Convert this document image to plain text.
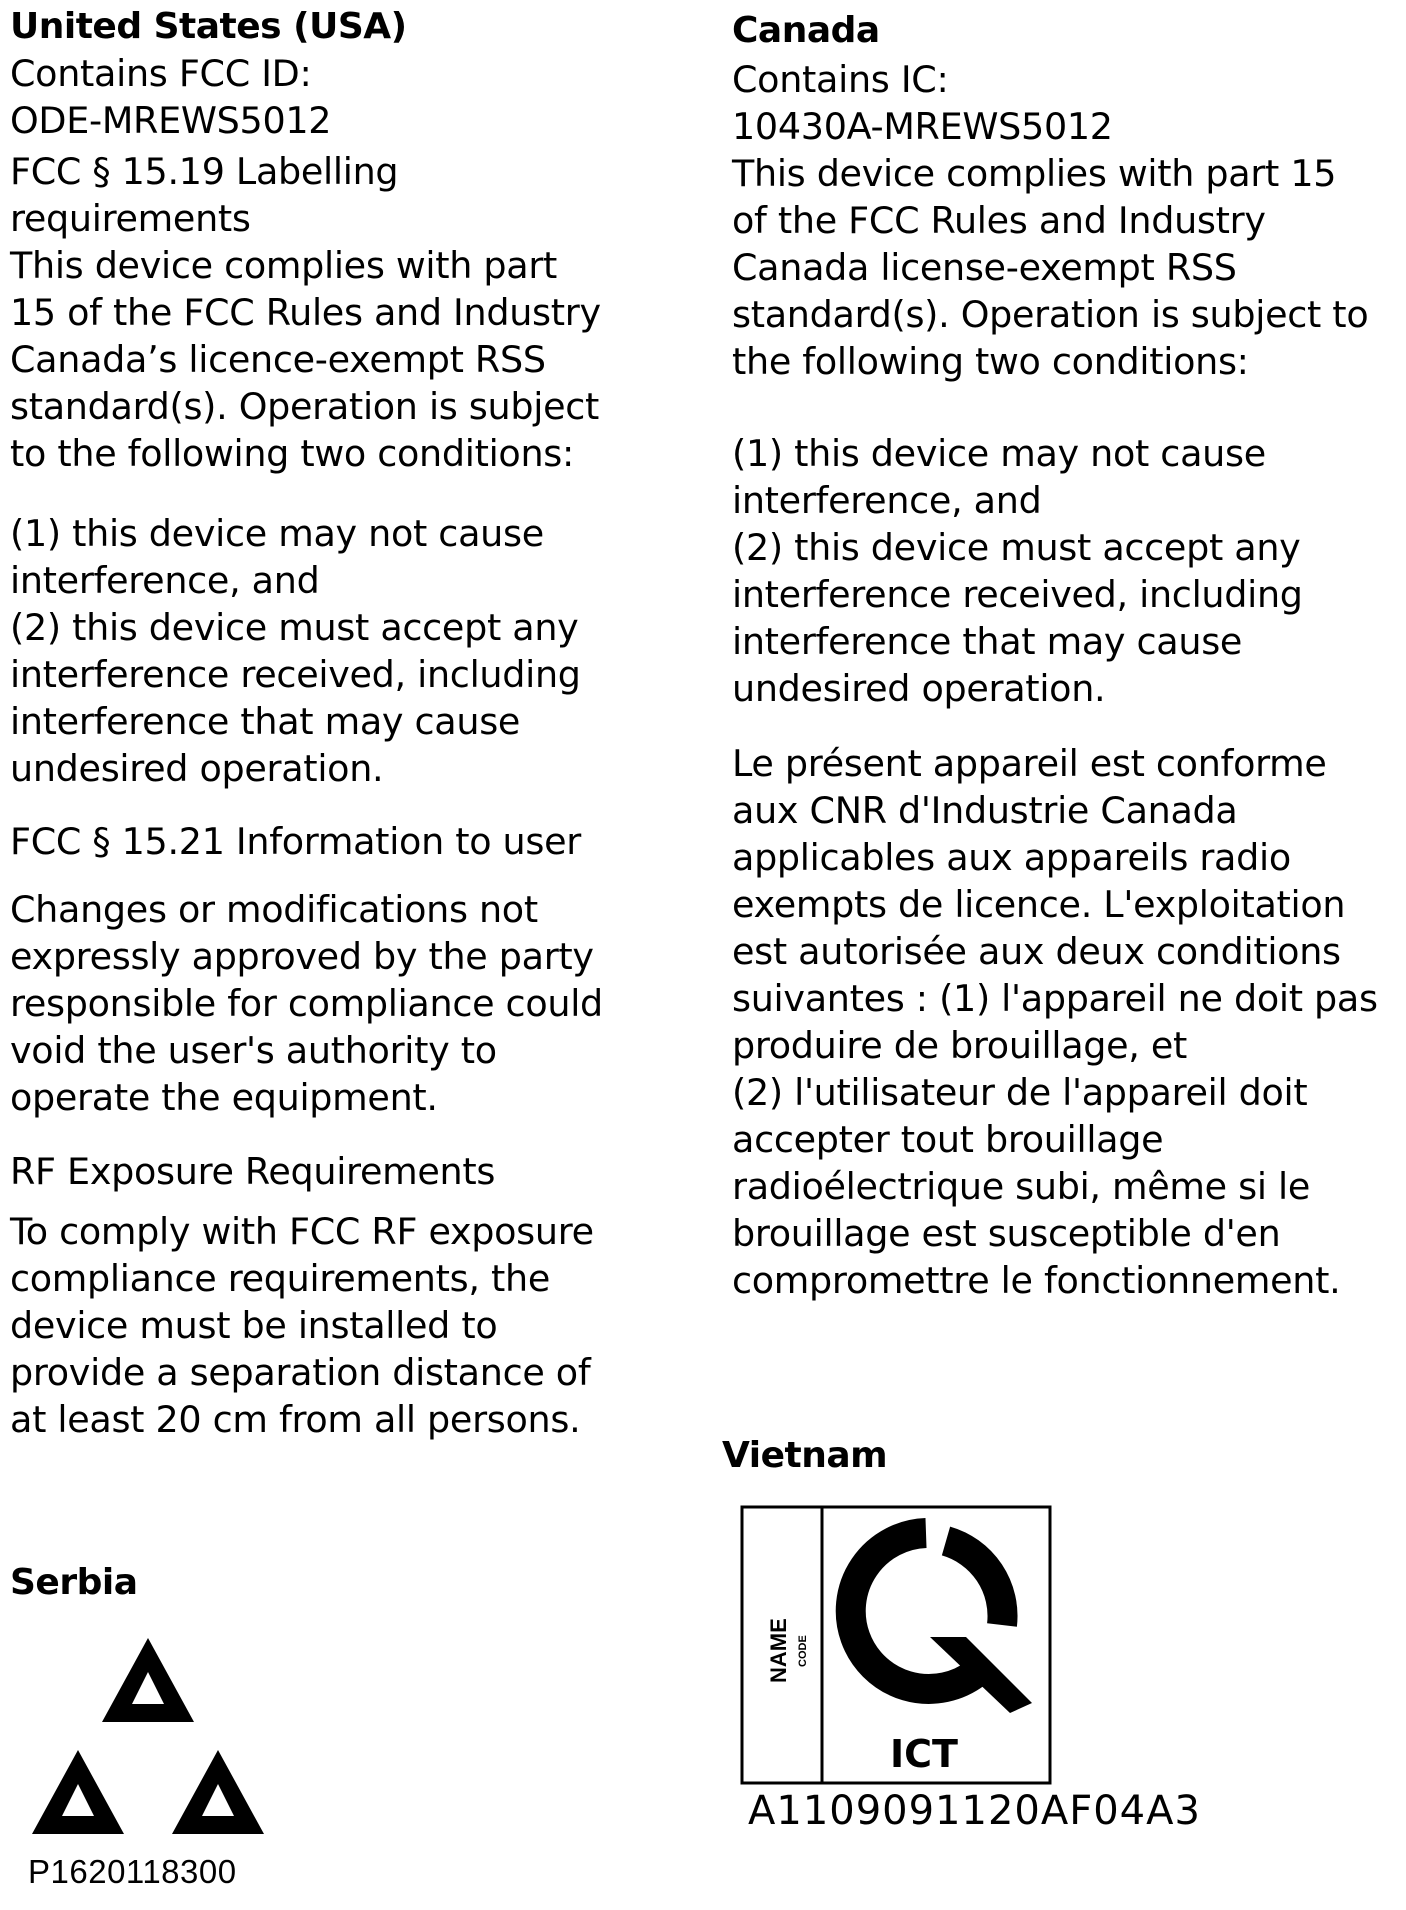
United States (USA)
Contains FCC ID:
ODE-MREWS5012
FCC § 15.19 Labelling
requirements
This device complies with part
15 of the FCC Rules and Industry
Canada’s licence-exempt RSS
standard(s). Operation is subject
to the following two conditions:
(1) this device may not cause
interference, and
(2) this device must accept any
interference received, including
interference that may cause
undesired operation.
FCC § 15.21 Information to user
Changes or modifications not
expressly approved by the party
responsible for compliance could
void the user's authority to
operate the equipment.
RF Exposure Requirements
To comply with FCC RF exposure
compliance requirements, the
device must be installed to
provide a separation distance of
at least 20 cm from all persons.
Serbia
P1620118300
Canada
Contains IC:
10430A-MREWS5012
This device complies with part 15
of the FCC Rules and Industry
Canada license-exempt RSS
standard(s). Operation is subject to
the following two conditions:
(1) this device may not cause
interference, and
(2) this device must accept any
interference received, including
interference that may cause
undesired operation.
Le présent appareil est conforme
aux CNR d'Industrie Canada
applicables aux appareils radio
exempts de licence. L'exploitation
est autorisée aux deux conditions
suivantes : (1) l'appareil ne doit pas
produire de brouillage, et
(2) l'utilisateur de l'appareil doit
accepter tout brouillage
radioélectrique subi, même si le
brouillage est susceptible d'en
compromettre le fonctionnement.
Vietnam
NAME CODE
ICT
A1109091120AF04A3
